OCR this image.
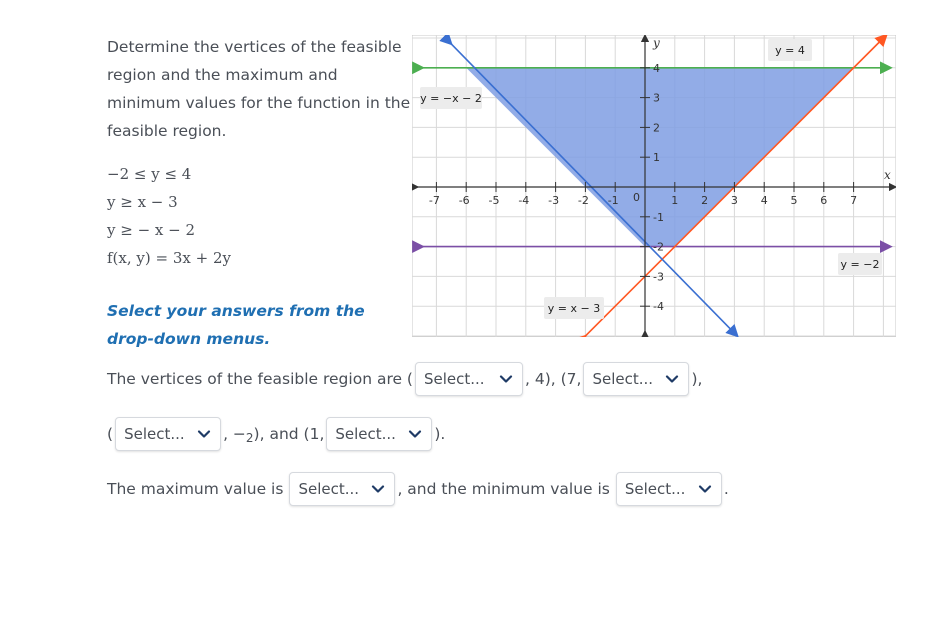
Determine the vertices of the feasible region and the maximum and minimum values for the function in the feasible region.
−2 ≤ y ≤ 4
y ≥ x − 3
y ≥ − x − 2
f(x, y) = 3x + 2y
Select your answers from the drop-down menus.
-7 -6 -5 -4 -3 -2 -1	1 2 3 4 5 6 7
4
3
2
1
-1
-2
-3
-4
x
y
0
y = 4
y = −x − 2
y = −2
y = x − 3
The vertices of the feasible region are ( Select...	, 4), (7, Select... ),
( Select... , − 2 ), and (1, Select... ).
The maximum value is Select... , and the minimum value is Select... .
